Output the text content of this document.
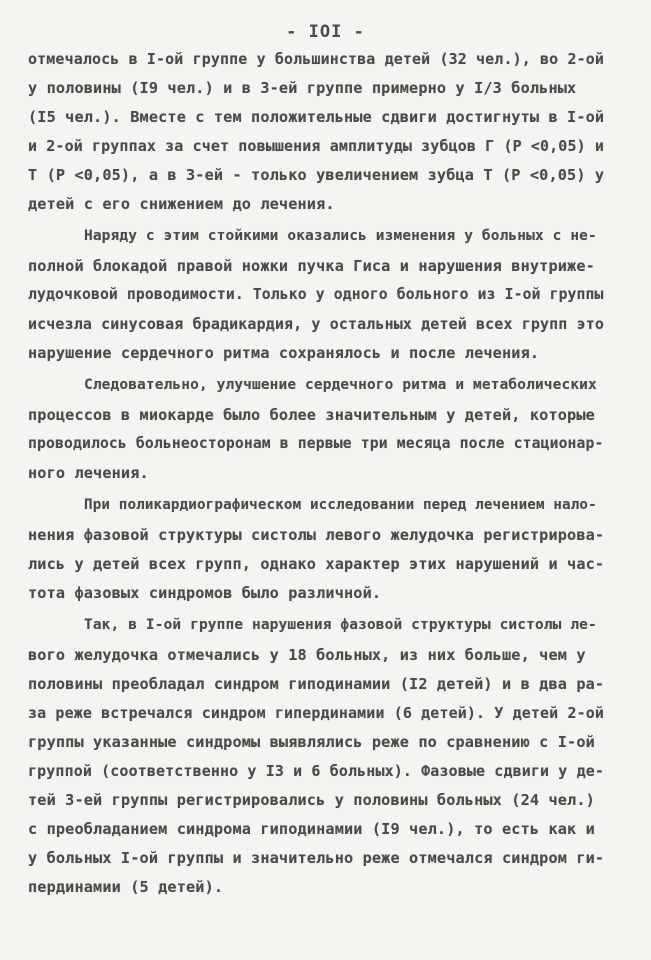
- IOI -
отмечалось в I-ой группе у большинства детей (32 чел.), во 2-ой
у половины (I9 чел.) и в 3-ей группе примерно у I/3 больных
(I5 чел.). Вместе с тем положительные сдвиги достигнуты в I-ой
и 2-ой группах за счет повышения амплитуды зубцов Г (Р <0,05) и
Т (Р <0,05), а в 3-ей - только увеличением зубца Т (Р <0,05) у
детей с его снижением до лечения.
Наряду с этим стойкими оказались изменения у больных с не-
полной блокадой правой ножки пучка Гиса и нарушения внутриже-
лудочковой проводимости. Только у одного больного из I-ой группы
исчезла синусовая брадикардия, у остальных детей всех групп это
нарушение сердечного ритма сохранялось и после лечения.
Следовательно, улучшение сердечного ритма и метаболических
процессов в миокарде было более значительным у детей, которые
проводилось больнеосторонам в первые три месяца после стационар-
ного лечения.
При поликардиографическом исследовании перед лечением нало-
нения фазовой структуры систолы левого желудочка регистрирова-
лись у детей всех групп, однако характер этих нарушений и час-
тота фазовых синдромов было различной.
Так, в I-ой группе нарушения фазовой структуры систолы ле-
вого желудочка отмечались у 18 больных, из них больше, чем у
половины преобладал синдром гиподинамии (I2 детей) и в два ра-
за реже встречался синдром гипердинамии (6 детей). У детей 2-ой
группы указанные синдромы выявлялись реже по сравнению с I-ой
группой (соответственно у I3 и 6 больных). Фазовые сдвиги у де-
тей 3-ей группы регистрировались у половины больных (24 чел.)
с преобладанием синдрома гиподинамии (I9 чел.), то есть как и
у больных I-ой группы и значительно реже отмечался синдром ги-
пердинамии (5 детей).
